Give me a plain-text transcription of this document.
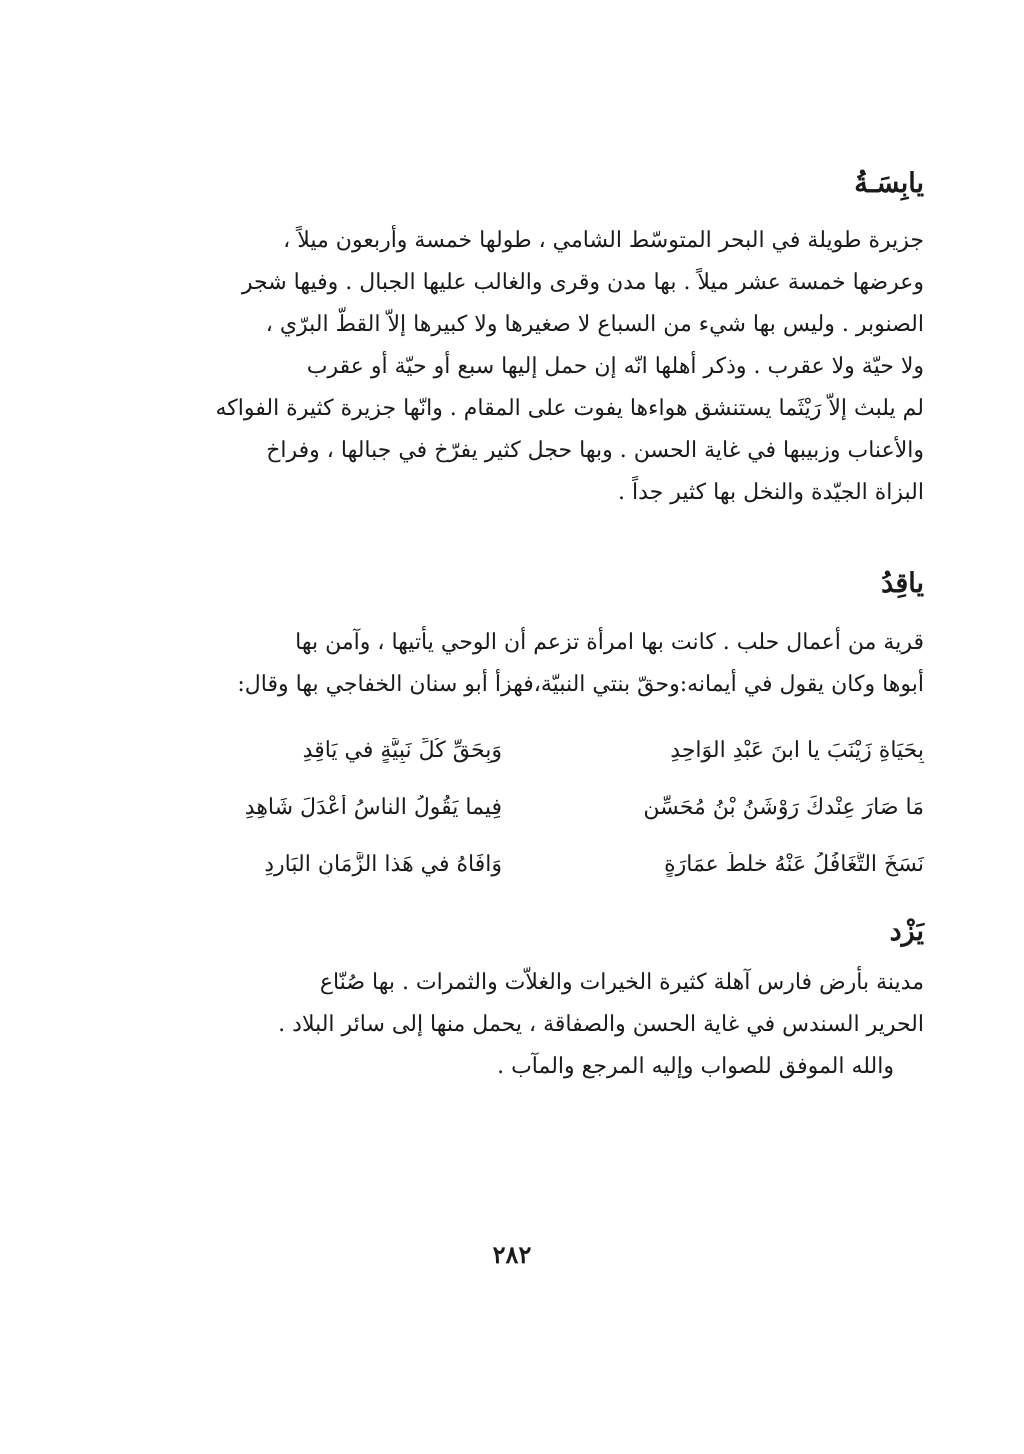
يابِسَـةُ
جزيرة طويلة في البحر المتوسّط الشامي ، طولها خمسة وأربعون ميلاً ،
وعرضها خمسة عشر ميلاً . بها مدن وقرى والغالب عليها الجبال . وفيها شجر
الصنوبر . وليس بها شيء من السباع لا صغيرها ولا كبيرها إلاّ القطّ البرّي ،
ولا حيّة ولا عقرب . وذكر أهلها انّه إن حمل إليها سبع أو حيّة أو عقرب
لم يلبث إلاّ رَيْثَما يستنشق هواءها يفوت على المقام . وانّها جزيرة كثيرة الفواكه
والأعناب وزبيبها في غاية الحسن . وبها حجل كثير يفرّخ في جبالها ، وفراخ
البزاة الجيّدة والنخل بها كثير جداً .
ياقِدُ
قرية من أعمال حلب . كانت بها امرأة تزعم أن الوحي يأتيها ، وآمن بها
أبوها وكان يقول في أيمانه:وحقّ بنتي النبيّة،فهزأ أبو سنان الخفاجي بها وقال:
بِحَيَاةِ زَيْنَبَ يا ابنَ عَبْدِ الوَاحِدِ
وَبِحَقِّ كُلِّ نَبِيَّةٍ في يَاقِدِ
مَا صَارَ عِنْدكَ رَوْشَنُ بْنُ مُحَسِّنٍ
فِيما يَقُولُ الناسُ أَعْدَلَ شَاهِدِ
نَسَخَ التَّغَافُلُ عَنْهُ خلطَ عمَارَةٍ
وَافَاهُ في هَذا الزَّمَانِ البَارِدِ
يَزْد
مدينة بأرض فارس آهلة كثيرة الخيرات والغلاّت والثمرات . بها صُنّاع
الحرير السندس في غاية الحسن والصفاقة ، يحمل منها إلى سائر البلاد .
والله الموفق للصواب وإليه المرجع والمآب .

٢٨٢
